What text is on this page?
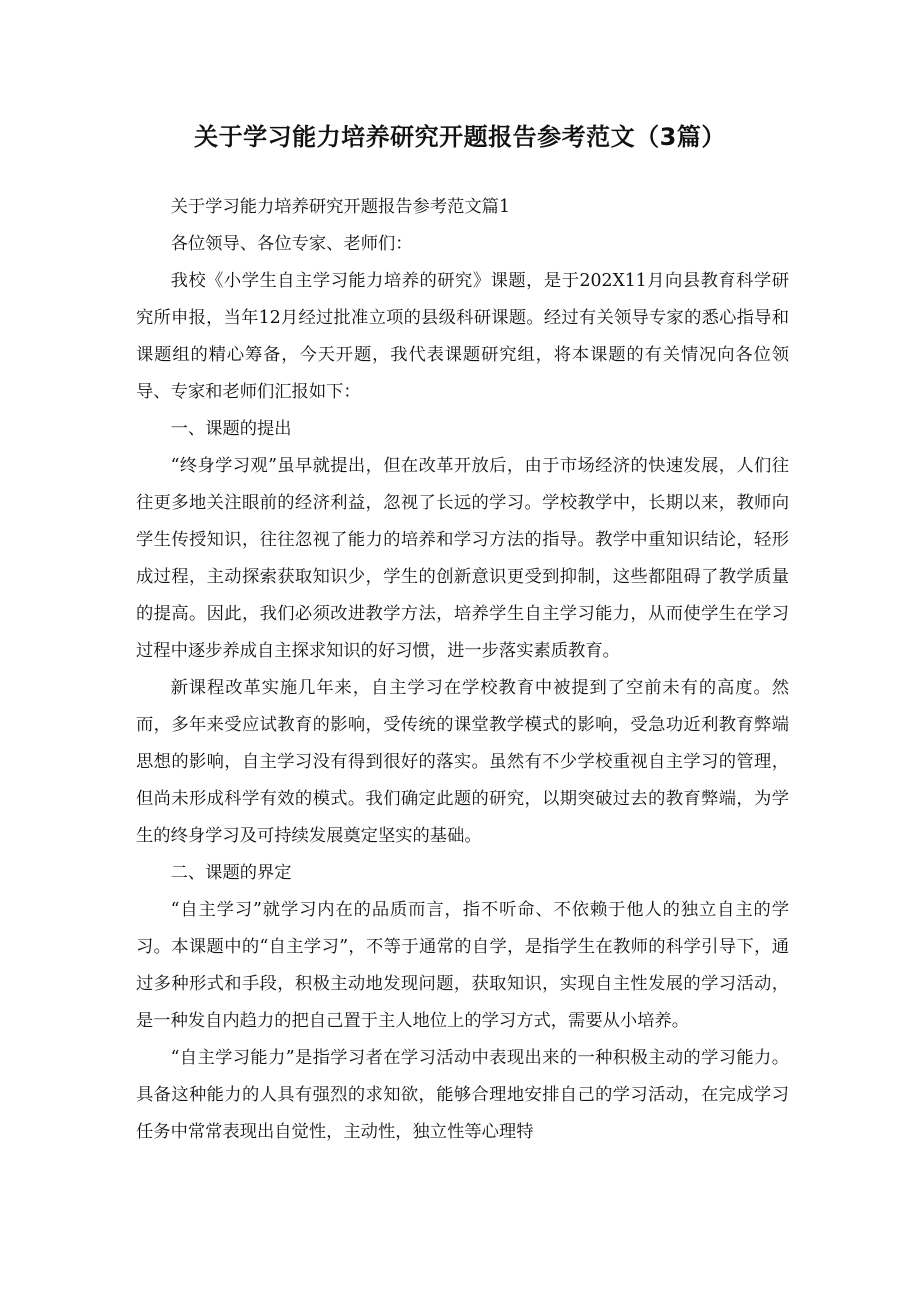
关于学习能力培养研究开题报告参考范文（3篇）

关于学习能力培养研究开题报告参考范文篇1

各位领导、各位专家、老师们：

我校《小学生自主学习能力培养的研究》课题，是于202X11月向县教育科学研究所申报，当年12月经过批准立项的县级科研课题。经过有关领导专家的悉心指导和课题组的精心筹备，今天开题，我代表课题研究组，将本课题的有关情况向各位领导、专家和老师们汇报如下：

一、课题的提出

“终身学习观”虽早就提出，但在改革开放后，由于市场经济的快速发展，人们往往更多地关注眼前的经济利益，忽视了长远的学习。学校教学中，长期以来，教师向学生传授知识，往往忽视了能力的培养和学习方法的指导。教学中重知识结论，轻形成过程，主动探索获取知识少，学生的创新意识更受到抑制，这些都阻碍了教学质量的提高。因此，我们必须改进教学方法，培养学生自主学习能力，从而使学生在学习过程中逐步养成自主探求知识的好习惯，进一步落实素质教育。

新课程改革实施几年来，自主学习在学校教育中被提到了空前未有的高度。然而，多年来受应试教育的影响，受传统的课堂教学模式的影响，受急功近利教育弊端思想的影响，自主学习没有得到很好的落实。虽然有不少学校重视自主学习的管理，但尚未形成科学有效的模式。我们确定此题的研究，以期突破过去的教育弊端，为学生的终身学习及可持续发展奠定坚实的基础。

二、课题的界定

“自主学习”就学习内在的品质而言，指不听命、不依赖于他人的独立自主的学习。本课题中的“自主学习”，不等于通常的自学，是指学生在教师的科学引导下，通过多种形式和手段，积极主动地发现问题，获取知识，实现自主性发展的学习活动，是一种发自内趋力的把自己置于主人地位上的学习方式，需要从小培养。

“自主学习能力”是指学习者在学习活动中表现出来的一种积极主动的学习能力。具备这种能力的人具有强烈的求知欲，能够合理地安排自己的学习活动，在完成学习任务中常常表现出自觉性，主动性，独立性等心理特
